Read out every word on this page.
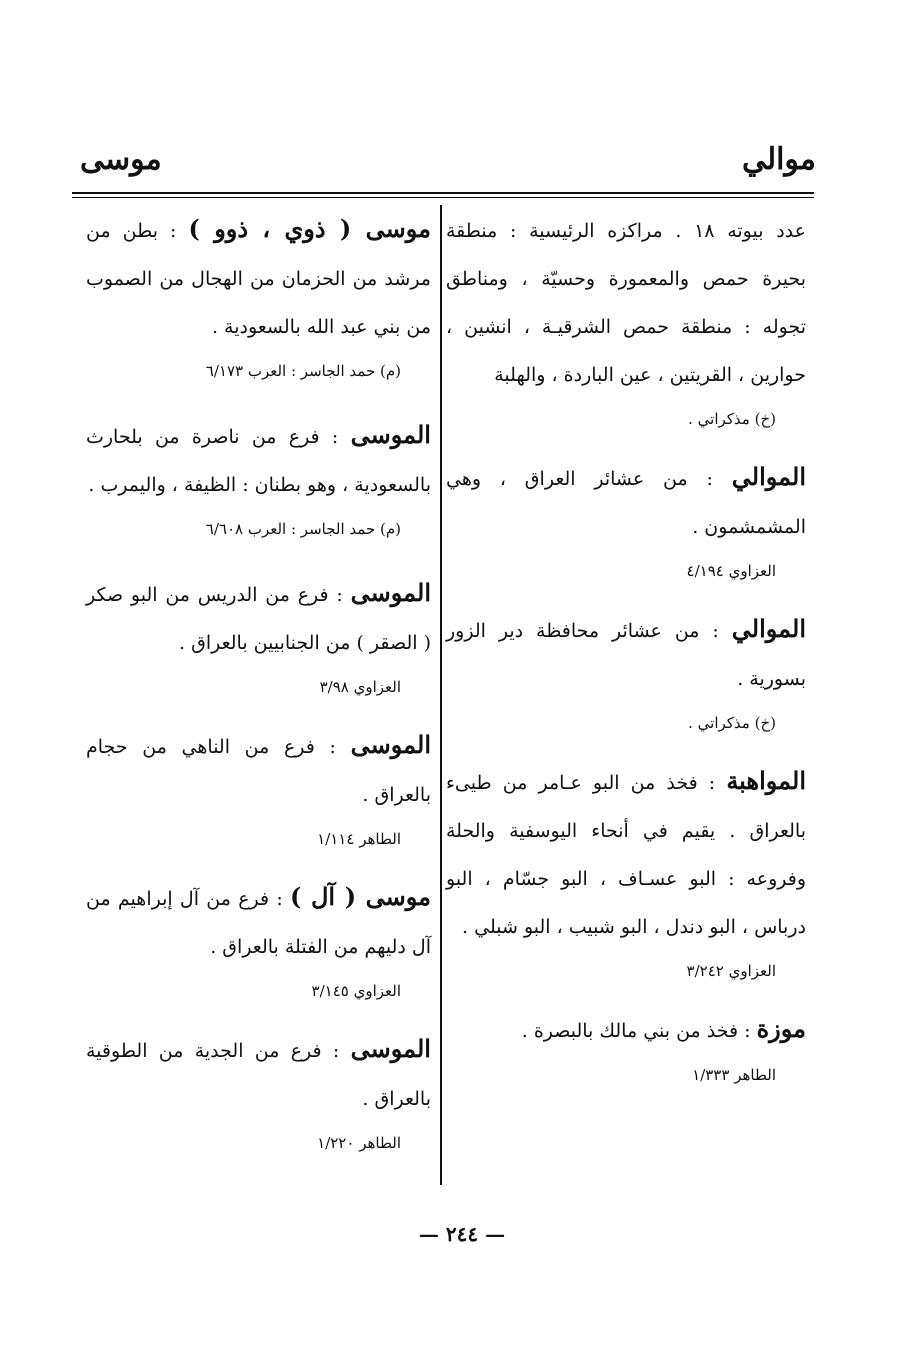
موالي
موسى

عدد بيوته ١٨ . مراكزه الرئيسية : منطقة بحيرة حمص والمعمورة وحسيّة ، ومناطق تجوله : منطقة حمص الشرقيـة ، انشين ، حوارين ، القريتين ، عين الباردة ، والهلبة

(خ) مذكراتي .

الموالي : من عشائر العراق ، وهي المشمشمون .

العزاوي ٤/١٩٤

الموالي : من عشائر محافظة دير الزور بسورية .

(خ) مذكراتي .

المواهبة : فخذ من البو عـامر من طيىء بالعراق . يقيم في أنحاء اليوسفية والحلة وفروعه : البو عسـاف ، البو جسّام ، البو درباس ، البو دندل ، البو شبيب ، البو شبلي .

العزاوي ٣/٢٤٢

موزة : فخذ من بني مالك بالبصرة .

الطاهر ١/٣٣٣

موسى ( ذوي ، ذوو ) : بطن من مرشد من الحزمان من الهجال من الصموب من بني عبد الله بالسعودية .

(م) حمد الجاسر : العرب ٦/١٧٣

الموسى : فرع من ناصرة من بلحارث بالسعودية ، وهو بطنان : الظيفة ، واليمرب .

(م) حمد الجاسر : العرب ٦/٦٠٨

الموسى : فرع من الدريس من البو صكر ( الصقر ) من الجنابيين بالعراق .

العزاوي ٣/٩٨

الموسى : فرع من الناهي من حجام بالعراق .

الطاهر ١/١١٤

موسى ( آل ) : فرع من آل إبراهيم من آل دليهم من الفتلة بالعراق .

العزاوي ٣/١٤٥

الموسى : فرع من الجدية من الطوقية بالعراق .

الطاهر ١/٢٢٠

— ٢٤٤ —
